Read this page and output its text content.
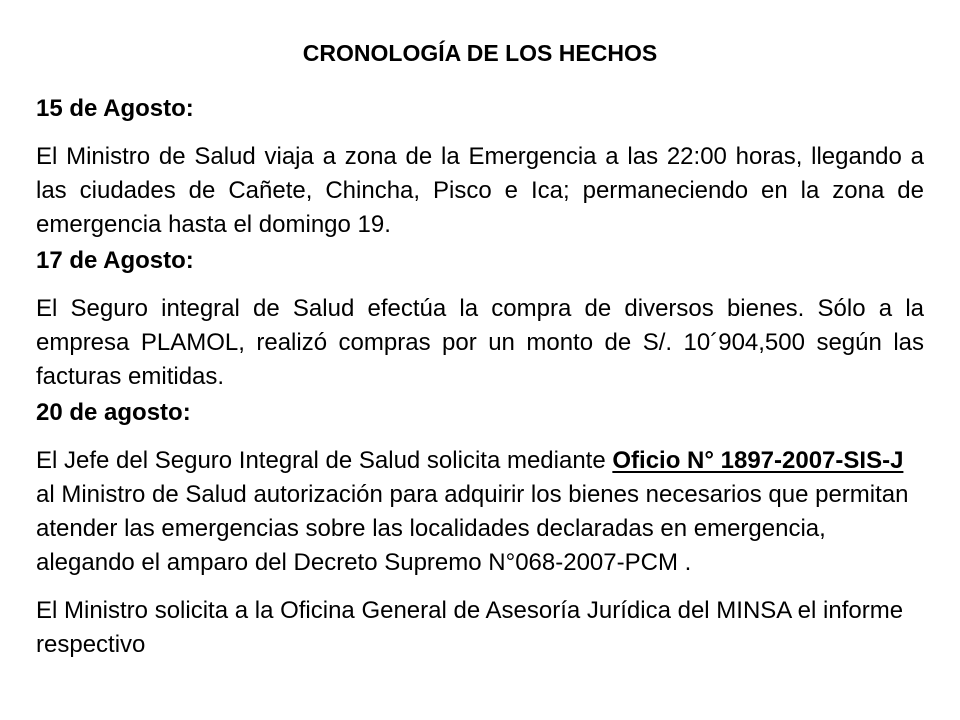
CRONOLOGÍA DE LOS HECHOS
15 de Agosto:
El Ministro de Salud viaja a zona de la Emergencia a las 22:00 horas, llegando a las ciudades de Cañete, Chincha, Pisco e Ica; permaneciendo en la zona de emergencia hasta el domingo 19.
17 de Agosto:
El Seguro integral de Salud efectúa la compra de diversos bienes. Sólo a la empresa PLAMOL, realizó compras por un monto de S/. 10´904,500 según las facturas emitidas.
20 de agosto:
El Jefe del Seguro Integral de Salud solicita mediante Oficio N° 1897-2007-SIS-J al Ministro de Salud autorización para adquirir los bienes necesarios que permitan atender las emergencias sobre las localidades declaradas en emergencia, alegando el amparo del Decreto Supremo N°068-2007-PCM .
El Ministro solicita a la Oficina General de Asesoría Jurídica del MINSA el informe respectivo
